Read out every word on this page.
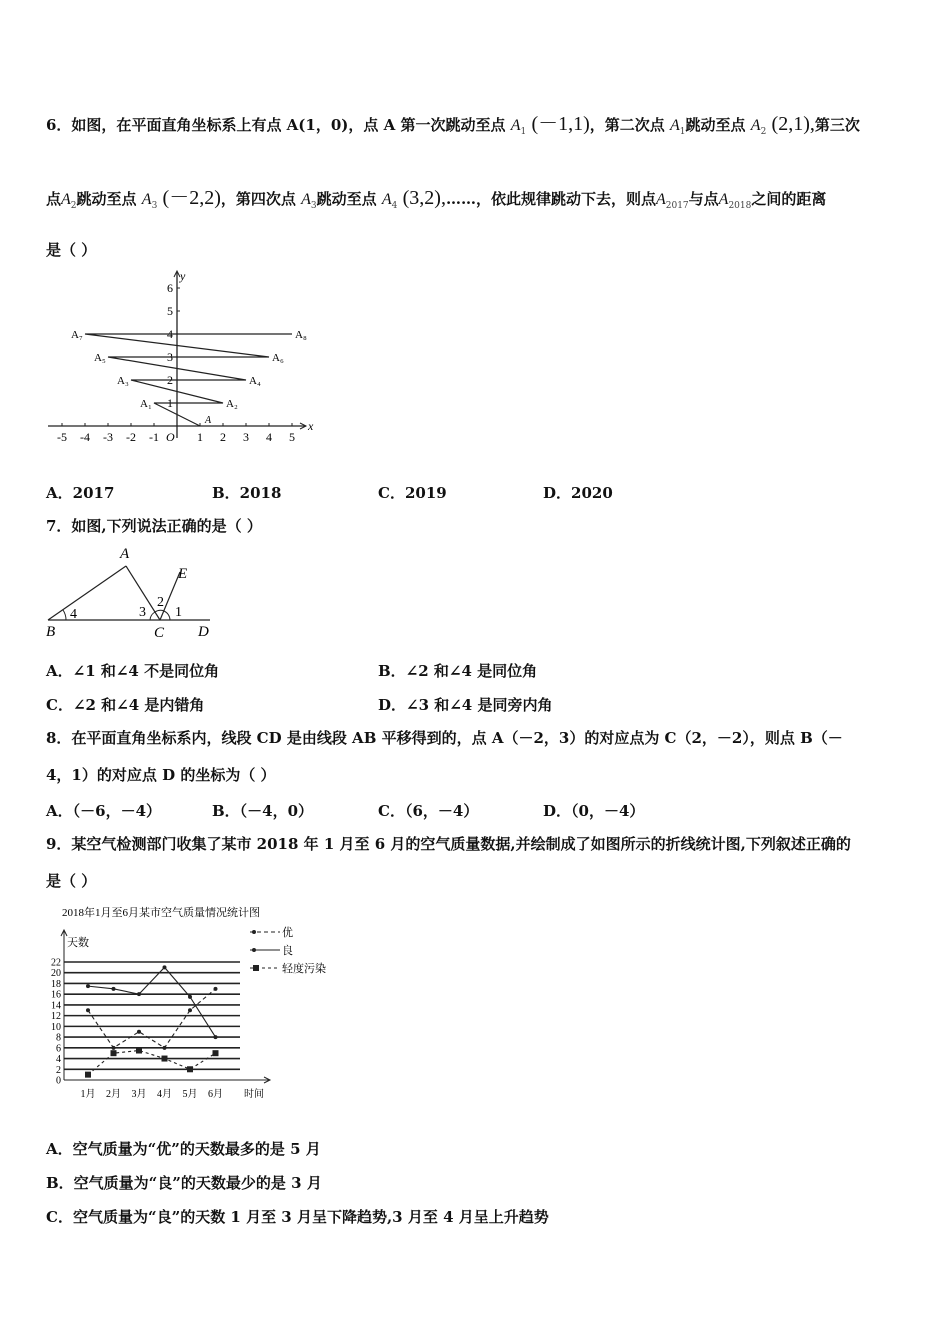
6．如图，在平面直角坐标系上有点 A(1，0)，点 A 第一次跳动至点 $A_1$ (－1,1)，第二次点 $A_1$跳动至点 $A_2$ (2,1),第三次
点$A_2$跳动至点 $A_3$ (－2,2)，第四次点 $A_3$跳动至点 $A_4$ (3,2),……，依此规律跳动下去，则点$A_{2017}$与点$A_{2018}$之间的距离
是（ ）
-5 -4 -3 -2 -1	1 2 3 4 5
1
2
3
4
5
6
x
y
O
A
A₁	A₂
A₃	A₄
A₅	A₆
A₇	A₈
A．2017	B．2018	C．2019	D．2020
7．如图,下列说法正确的是（ ）
A
B	C D
E
4	3
2
1
A．∠1 和∠4 不是同位角	B．∠2 和∠4 是同位角
C．∠2 和∠4 是内错角	D．∠3 和∠4 是同旁内角
8．在平面直角坐标系内，线段 CD 是由线段 AB 平移得到的，点 A（－2，3）的对应点为 C（2，－2），则点 B（－
4，1）的对应点 D 的坐标为（ ）
A．（－6，－4）	B．（－4，0）	C．（6，－4）	D．（0，－4）
9．某空气检测部门收集了某市 2018 年 1 月至 6 月的空气质量数据,并绘制成了如图所示的折线统计图,下列叙述正确的
是（ ）
2018年1月至6月某市空气质量情况统计图
0
2
4
6
8
10
12
14
16
18
20
22
天数
时间
1月 2月 3月 4月 5月 6月
优
良
轻度污染
A．空气质量为“优”的天数最多的是 5 月
B．空气质量为“良”的天数最少的是 3 月
C．空气质量为“良”的天数 1 月至 3 月呈下降趋势,3 月至 4 月呈上升趋势
